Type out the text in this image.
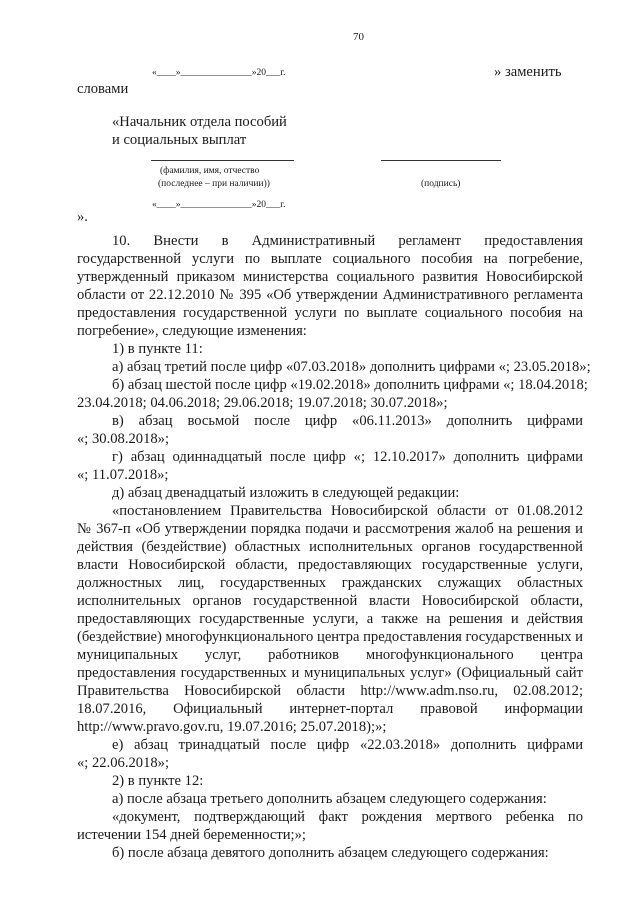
70
«____»_______________»20___г.	» заменить
словами
«Начальник отдела пособий
и социальных выплат
(фамилия, имя, отчество
(последнее – при наличии))	(подпись)
«____»_______________»20___г.
».
10. Внести в Административный регламент предоставления
государственной услуги по выплате социального пособия на погребение,
утвержденный приказом министерства социального развития Новосибирской
области от 22.12.2010 № 395 «Об утверждении Административного регламента
предоставления государственной услуги по выплате социального пособия на
погребение», следующие изменения:
1) в пункте 11:
а) абзац третий после цифр «07.03.2018» дополнить цифрами «; 23.05.2018»;
б) абзац шестой после цифр «19.02.2018» дополнить цифрами «; 18.04.2018;
23.04.2018; 04.06.2018; 29.06.2018; 19.07.2018; 30.07.2018»;
в) абзац восьмой после цифр «06.11.2013» дополнить цифрами
«; 30.08.2018»;
г) абзац одиннадцатый после цифр «; 12.10.2017» дополнить цифрами
«; 11.07.2018»;
д) абзац двенадцатый изложить в следующей редакции:
«постановлением Правительства Новосибирской области от 01.08.2012
№ 367-п «Об утверждении порядка подачи и рассмотрения жалоб на решения и
действия (бездействие) областных исполнительных органов государственной
власти Новосибирской области, предоставляющих государственные услуги,
должностных лиц, государственных гражданских служащих областных
исполнительных органов государственной власти Новосибирской области,
предоставляющих государственные услуги, а также на решения и действия
(бездействие) многофункционального центра предоставления государственных и
муниципальных услуг, работников многофункционального центра
предоставления государственных и муниципальных услуг» (Официальный сайт
Правительства Новосибирской области http://www.adm.nso.ru, 02.08.2012;
18.07.2016, Официальный интернет-портал правовой информации
http://www.pravo.gov.ru, 19.07.2016; 25.07.2018);»;
е) абзац тринадцатый после цифр «22.03.2018» дополнить цифрами
«; 22.06.2018»;
2) в пункте 12:
а) после абзаца третьего дополнить абзацем следующего содержания:
«документ, подтверждающий факт рождения мертвого ребенка по
истечении 154 дней беременности;»;
б) после абзаца девятого дополнить абзацем следующего содержания:
